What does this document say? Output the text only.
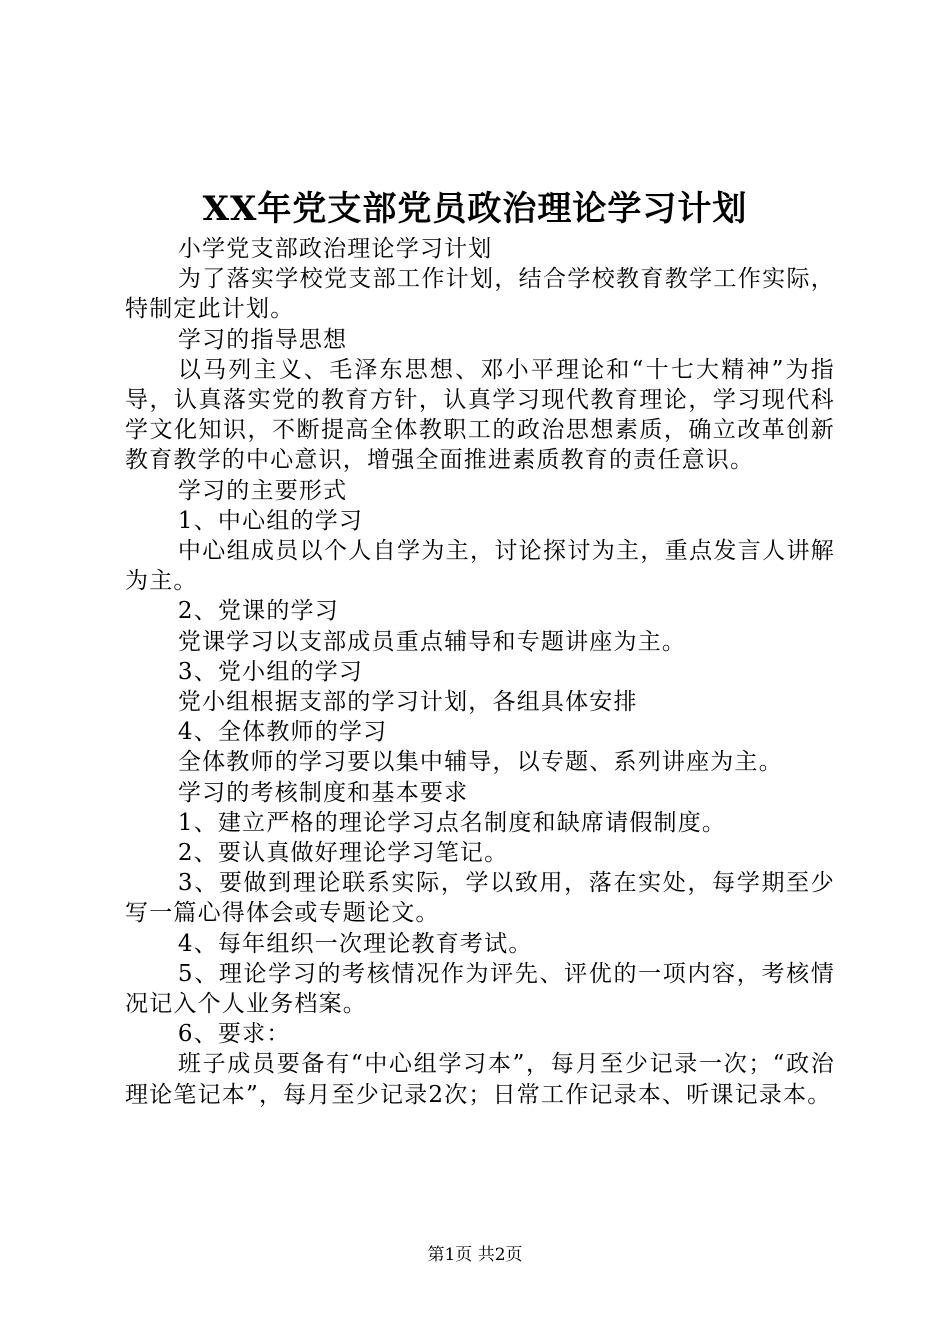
XX年党支部党员政治理论学习计划

小学党支部政治理论学习计划

为了落实学校党支部工作计划，结合学校教育教学工作实际，特制定此计划。

学习的指导思想

以马列主义、毛泽东思想、邓小平理论和“十七大精神”为指导，认真落实党的教育方针，认真学习现代教育理论，学习现代科学文化知识，不断提高全体教职工的政治思想素质，确立改革创新教育教学的中心意识，增强全面推进素质教育的责任意识。

学习的主要形式

1、中心组的学习

中心组成员以个人自学为主，讨论探讨为主，重点发言人讲解为主。

2、党课的学习

党课学习以支部成员重点辅导和专题讲座为主。

3、党小组的学习

党小组根据支部的学习计划，各组具体安排

4、全体教师的学习

全体教师的学习要以集中辅导，以专题、系列讲座为主。

学习的考核制度和基本要求

1、建立严格的理论学习点名制度和缺席请假制度。

2、要认真做好理论学习笔记。

3、要做到理论联系实际，学以致用，落在实处，每学期至少写一篇心得体会或专题论文。

4、每年组织一次理论教育考试。

5、理论学习的考核情况作为评先、评优的一项内容，考核情况记入个人业务档案。

6、要求：

班子成员要备有“中心组学习本”，每月至少记录一次；“政治理论笔记本”，每月至少记录2次；日常工作记录本、听课记录本。

第1页 共2页
